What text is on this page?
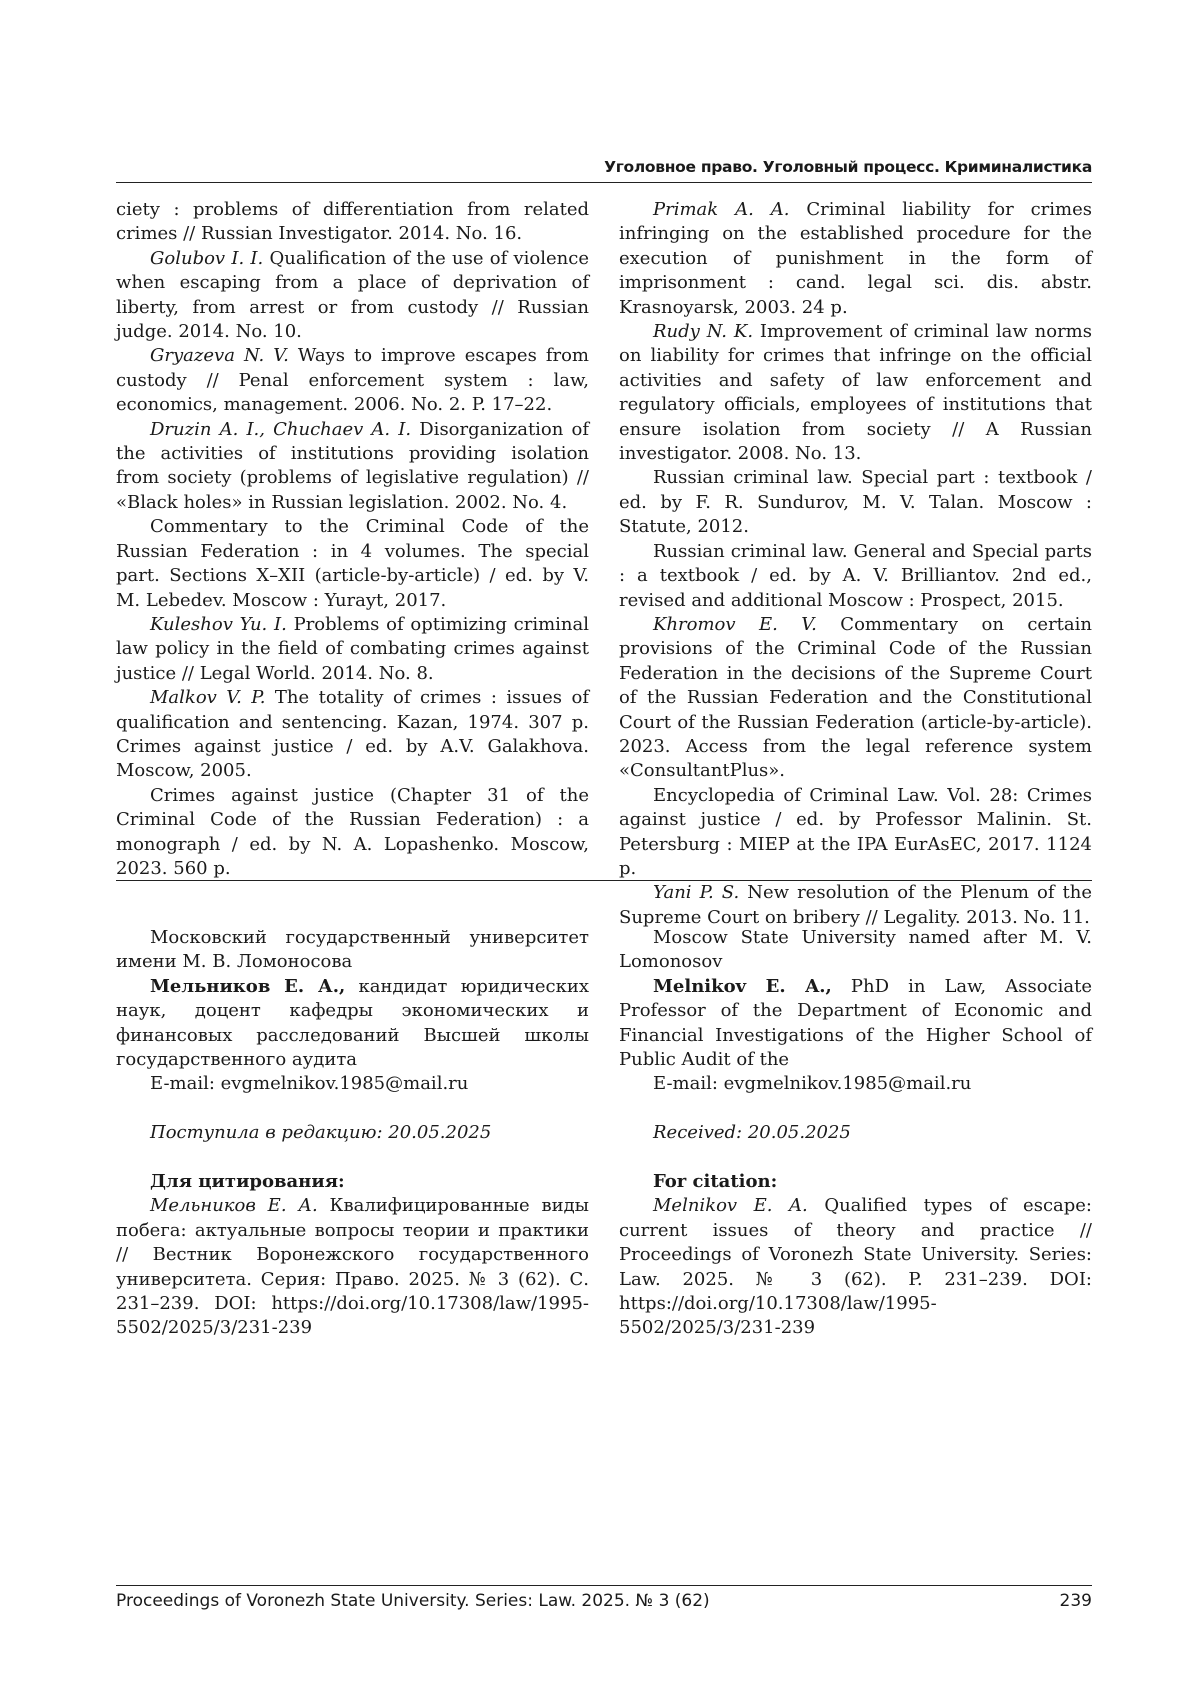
Уголовное право. Уголовный процесс. Криминалистика

ciety : problems of differentiation from related crimes // Russian Investigator. 2014. No. 16.

Golubov I. I. Qualification of the use of violence when escaping from a place of deprivation of liberty, from arrest or from custody // Russian judge. 2014. No. 10.

Gryazeva N. V. Ways to improve escapes from custody // Penal enforcement system : law, economics, management. 2006. No. 2. P. 17–22.

Druzin A. I., Chuchaev A. I. Disorganization of the activities of institutions providing isolation from society (problems of legislative regulation) // «Black holes» in Russian legislation. 2002. No. 4.

Commentary to the Criminal Code of the Russian Federation : in 4 volumes. The special part. Sections X–XII (article-by-article) / ed. by V. M. Lebedev. Moscow : Yurayt, 2017.

Kuleshov Yu. I. Problems of optimizing criminal law policy in the field of combating crimes against justice // Legal World. 2014. No. 8.

Malkov V. P. The totality of crimes : issues of qualification and sentencing. Kazan, 1974. 307 p. Crimes against justice / ed. by A.V. Galakhova. Moscow, 2005.

Crimes against justice (Chapter 31 of the Criminal Code of the Russian Federation) : a monograph / ed. by N. A. Lopashenko. Moscow, 2023. 560 p.

Primak A. A. Criminal liability for crimes infringing on the established procedure for the execution of punishment in the form of imprisonment : cand. legal sci. dis. abstr. Krasnoyarsk, 2003. 24 p.

Rudy N. K. Improvement of criminal law norms on liability for crimes that infringe on the official activities and safety of law enforcement and regulatory officials, employees of institutions that ensure isolation from society // A Russian investigator. 2008. No. 13.

Russian criminal law. Special part : textbook / ed. by F. R. Sundurov, M. V. Talan. Moscow : Statute, 2012.

Russian criminal law. General and Special parts : a textbook / ed. by A. V. Brilliantov. 2nd ed., revised and additional Moscow : Prospect, 2015.

Khromov E. V. Commentary on certain provisions of the Criminal Code of the Russian Federation in the decisions of the Supreme Court of the Russian Federation and the Constitutional Court of the Russian Federation (article-by-article). 2023. Access from the legal reference system «ConsultantPlus».

Encyclopedia of Criminal Law. Vol. 28: Crimes against justice / ed. by Professor Malinin. St. Petersburg : MIEP at the IPA EurAsEC, 2017. 1124 p.

Yani P. S. New resolution of the Plenum of the Supreme Court on bribery // Legality. 2013. No. 11.

Московский государственный университет имени М. В. Ломоносова

Мельников Е. А., кандидат юридических наук, доцент кафедры экономических и финансовых расследований Высшей школы государственного аудита

E-mail: evgmelnikov.1985@mail.ru

Поступила в редакцию: 20.05.2025

Для цитирования:

Мельников Е. А. Квалифицированные виды побега: актуальные вопросы теории и практики // Вестник Воронежского государственного университета. Серия: Право. 2025. № 3 (62). С. 231–239. DOI: https://doi.org/10.17308/law/1995-5502/2025/3/231-239

Moscow State University named after M. V. Lomonosov

Melnikov E. A., PhD in Law, Associate Professor of the Department of Economic and Financial Investigations of the Higher School of Public Audit of the

E-mail: evgmelnikov.1985@mail.ru

Received: 20.05.2025

For citation:

Melnikov E. A. Qualified types of escape: current issues of theory and practice // Proceedings of Voronezh State University. Series: Law. 2025. № 3 (62). P. 231–239. DOI: https://doi.org/10.17308/law/1995-5502/2025/3/231-239

Proceedings of Voronezh State University. Series: Law. 2025. № 3 (62)	239
